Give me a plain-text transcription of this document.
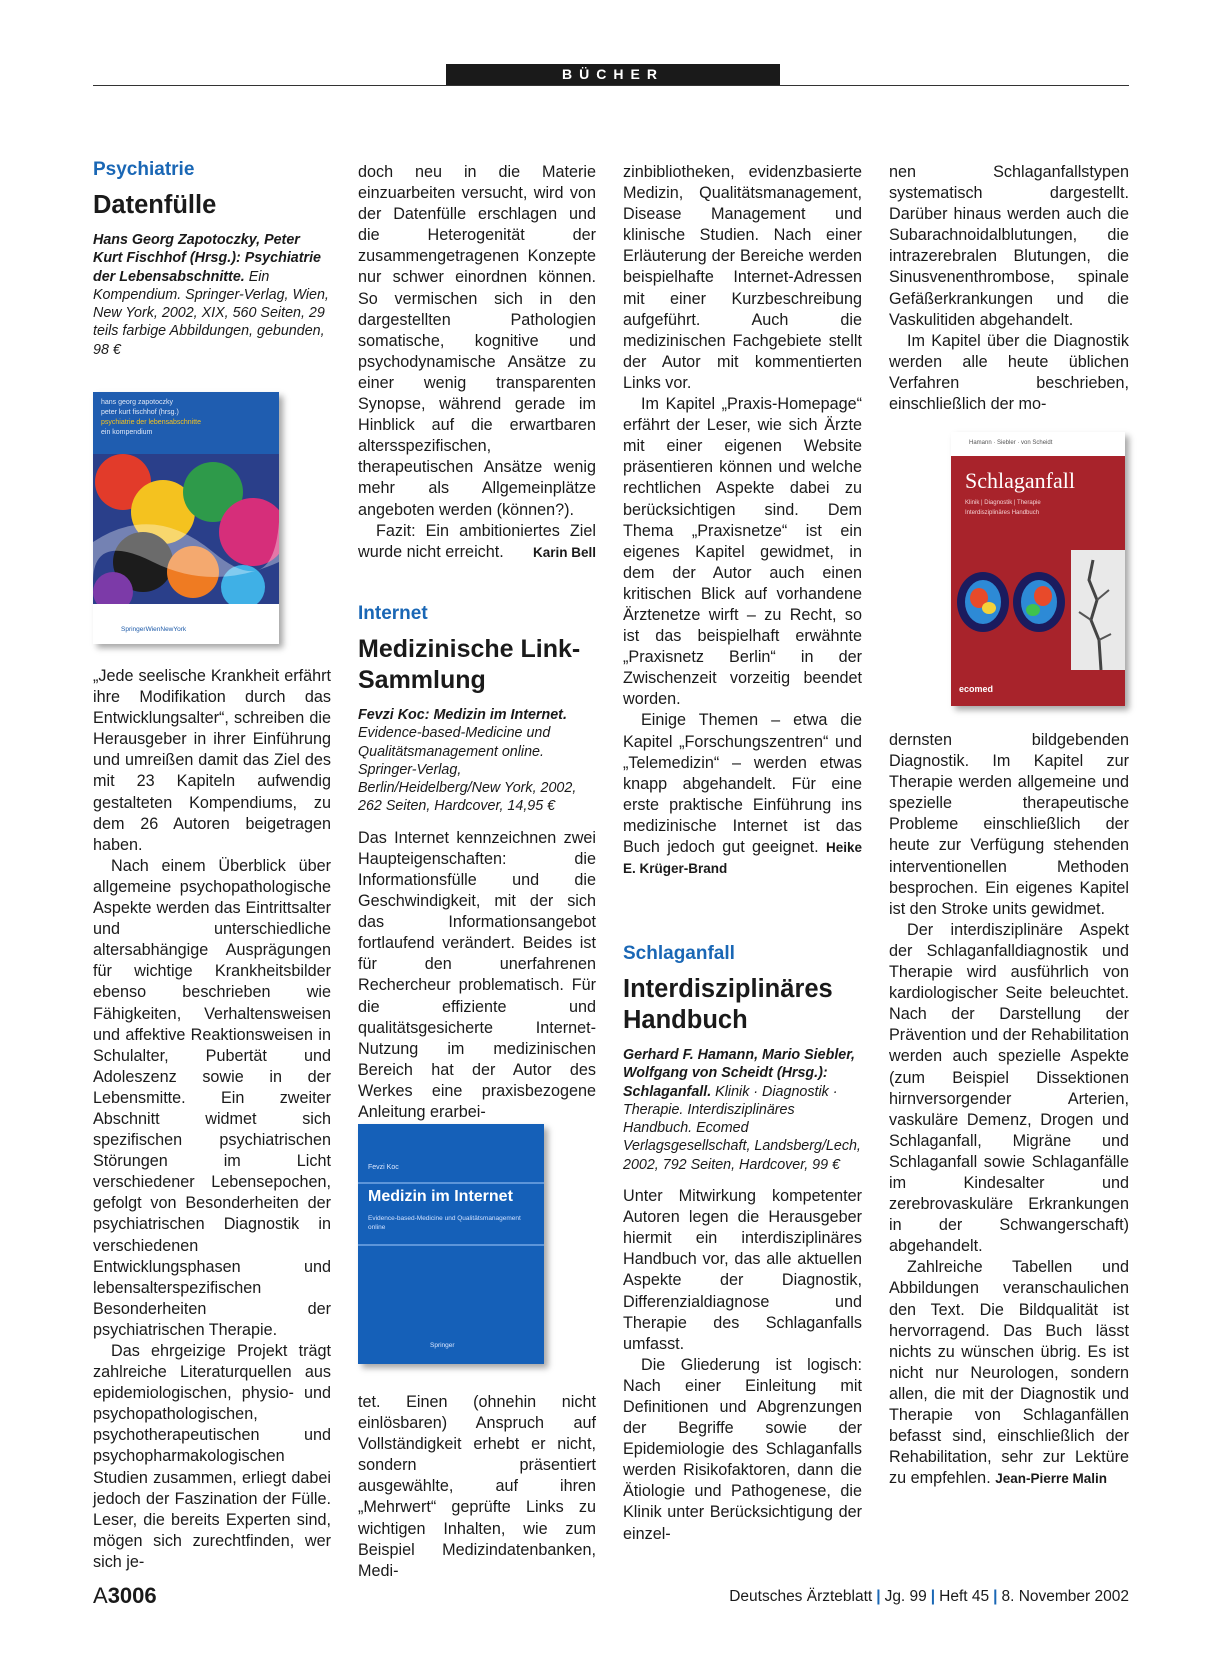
BÜCHER
Psychiatrie
Datenfülle
Hans Georg Zapotoczky, Peter Kurt Fischhof (Hrsg.): Psychiatrie der Lebensabschnitte. Ein Kompendium. Springer-Verlag, Wien, New York, 2002, XIX, 560 Seiten, 29 teils farbige Abbildungen, gebunden, 98 €
hans georg zapotoczky
peter kurt fischhof (hrsg.)
psychiatrie der lebensabschnitte
ein kompendium
SpringerWienNewYork

„Jede seelische Krankheit erfährt ihre Modifikation durch das Entwicklungsalter“, schreiben die Herausgeber in ihrer Einführung und umreißen damit das Ziel des mit 23 Kapiteln aufwendig gestalteten Kompendiums, zu dem 26 Autoren beigetragen haben.

Nach einem Überblick über allgemeine psychopathologische Aspekte werden das Eintrittsalter und unterschiedliche altersabhängige Ausprägungen für wichtige Krankheitsbilder ebenso beschrieben wie Fähigkeiten, Verhaltensweisen und affektive Reaktionsweisen in Schulalter, Pubertät und Adoleszenz sowie in der Lebensmitte. Ein zweiter Abschnitt widmet sich spezifischen psychiatrischen Störungen im Licht verschiedener Lebensepochen, gefolgt von Besonderheiten der psychiatrischen Diagnostik in verschiedenen Entwicklungsphasen und lebensalterspezifischen Besonderheiten der psychiatrischen Therapie.

Das ehrgeizige Projekt trägt zahlreiche Literaturquellen aus epidemiologischen, physio- und psychopathologischen, psychotherapeutischen und psychopharmakologischen Studien zusammen, erliegt dabei jedoch der Faszination der Fülle. Leser, die bereits Experten sind, mögen sich zurechtfinden, wer sich je-

doch neu in die Materie einzuarbeiten versucht, wird von der Datenfülle erschlagen und die Heterogenität der zusammengetragenen Konzepte nur schwer einordnen können. So vermischen sich in den dargestellten Pathologien somatische, kognitive und psychodynamische Ansätze zu einer wenig transparenten Synopse, während gerade im Hinblick auf die erwartbaren altersspezifischen, therapeutischen Ansätze wenig mehr als Allgemeinplätze angeboten werden (können?).

Fazit: Ein ambitioniertes Ziel wurde nicht erreicht.	Karin Bell

Internet
Medizinische Link-Sammlung
Fevzi Koc: Medizin im Internet. Evidence-based-Medicine und Qualitätsmanagement online. Springer-Verlag, Berlin/Heidelberg/New York, 2002, 262 Seiten, Hardcover, 14,95 €

Das Internet kennzeichnen zwei Haupteigenschaften: die Informationsfülle und die Geschwindigkeit, mit der sich das Informationsangebot fortlaufend verändert. Beides ist für den unerfahrenen Rechercheur problematisch. Für die effiziente und qualitätsgesicherte Internet-Nutzung im medizinischen Bereich hat der Autor des Werkes eine praxisbezogene Anleitung erarbei-

Fevzi Koc
Medizin im Internet
Evidence-based-Medicine und Qualitätsmanagement online
Springer

tet. Einen (ohnehin nicht einlösbaren) Anspruch auf Vollständigkeit erhebt er nicht, sondern präsentiert ausgewählte, auf ihren „Mehrwert“ geprüfte Links zu wichtigen Inhalten, wie zum Beispiel Medizindatenbanken, Medi-

zinbibliotheken, evidenzbasierte Medizin, Qualitätsmanagement, Disease Management und klinische Studien. Nach einer Erläuterung der Bereiche werden beispielhafte Internet-Adressen mit einer Kurzbeschreibung aufgeführt. Auch die medizinischen Fachgebiete stellt der Autor mit kommentierten Links vor.

Im Kapitel „Praxis-Homepage“ erfährt der Leser, wie sich Ärzte mit einer eigenen Website präsentieren können und welche rechtlichen Aspekte dabei zu berücksichtigen sind. Dem Thema „Praxisnetze“ ist ein eigenes Kapitel gewidmet, in dem der Autor auch einen kritischen Blick auf vorhandene Ärztenetze wirft – zu Recht, so ist das beispielhaft erwähnte „Praxisnetz Berlin“ in der Zwischenzeit vorzeitig beendet worden.

Einige Themen – etwa die Kapitel „Forschungszentren“ und „Telemedizin“ – werden etwas knapp abgehandelt. Für eine erste praktische Einführung ins medizinische Internet ist das Buch jedoch gut geeignet. Heike E. Krüger-Brand

Schlaganfall
Interdisziplinäres Handbuch
Gerhard F. Hamann, Mario Siebler, Wolfgang von Scheidt (Hrsg.): Schlaganfall. Klinik · Diagnostik · Therapie. Interdisziplinäres Handbuch. Ecomed Verlagsgesellschaft, Landsberg/Lech, 2002, 792 Seiten, Hardcover, 99 €

Unter Mitwirkung kompetenter Autoren legen die Herausgeber hiermit ein interdisziplinäres Handbuch vor, das alle aktuellen Aspekte der Diagnostik, Differenzialdiagnose und Therapie des Schlaganfalls umfasst.

Die Gliederung ist logisch: Nach einer Einleitung mit Definitionen und Abgrenzungen der Begriffe sowie der Epidemiologie des Schlaganfalls werden Risikofaktoren, dann die Ätiologie und Pathogenese, die Klinik unter Berücksichtigung der einzel-

nen Schlaganfallstypen systematisch dargestellt. Darüber hinaus werden auch die Subarachnoidalblutungen, die intrazerebralen Blutungen, die Sinusvenenthrombose, spinale Gefäßerkrankungen und die Vaskulitiden abgehandelt.

Im Kapitel über die Diagnostik werden alle heute üblichen Verfahren beschrieben, einschließlich der mo-

Hamann · Siebler · von Scheidt
Schlaganfall
Klinik | Diagnostik | Therapie
Interdisziplinäres Handbuch
ecomed

dernsten bildgebenden Diagnostik. Im Kapitel zur Therapie werden allgemeine und spezielle therapeutische Probleme einschließlich der heute zur Verfügung stehenden interventionellen Methoden besprochen. Ein eigenes Kapitel ist den Stroke units gewidmet.

Der interdisziplinäre Aspekt der Schlaganfalldiagnostik und Therapie wird ausführlich von kardiologischer Seite beleuchtet. Nach der Darstellung der Prävention und der Rehabilitation werden auch spezielle Aspekte (zum Beispiel Dissektionen hirnversorgender Arterien, vaskuläre Demenz, Drogen und Schlaganfall, Migräne und Schlaganfall sowie Schlaganfälle im Kindesalter und zerebrovaskuläre Erkrankungen in der Schwangerschaft) abgehandelt.

Zahlreiche Tabellen und Abbildungen veranschaulichen den Text. Die Bildqualität ist hervorragend. Das Buch lässt nichts zu wünschen übrig. Es ist nicht nur Neurologen, sondern allen, die mit der Diagnostik und Therapie von Schlaganfällen befasst sind, einschließlich der Rehabilitation, sehr zur Lektüre zu empfehlen. Jean-Pierre Malin

A3006	Deutsches Ärzteblatt | Jg. 99 | Heft 45 | 8. November 2002
